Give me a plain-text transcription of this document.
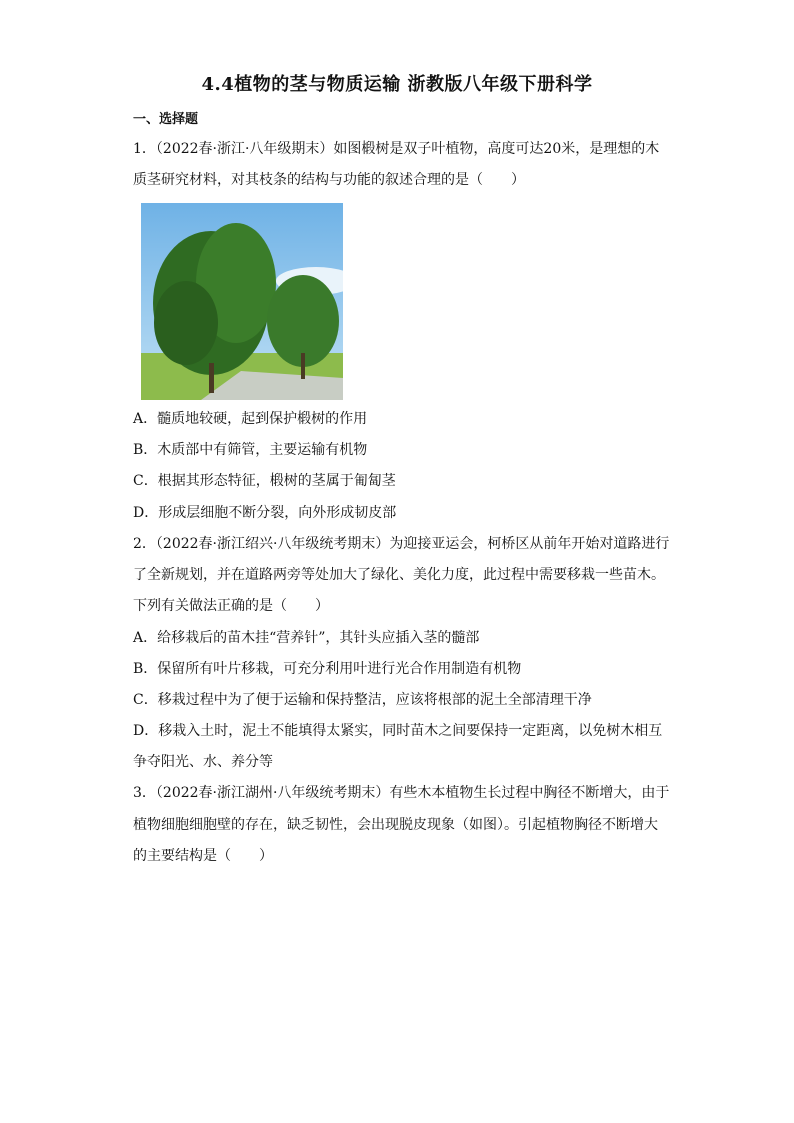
4.4植物的茎与物质运输 浙教版八年级下册科学
一、选择题
1．（2022春·浙江·八年级期末）如图椴树是双子叶植物，高度可达20米，是理想的木
质茎研究材料，对其枝条的结构与功能的叙述合理的是（　　）
A．髓质地较硬，起到保护椴树的作用
B．木质部中有筛管，主要运输有机物
C．根据其形态特征，椴树的茎属于匍匐茎
D．形成层细胞不断分裂，向外形成韧皮部
2．（2022春·浙江绍兴·八年级统考期末）为迎接亚运会，柯桥区从前年开始对道路进行
了全新规划，并在道路两旁等处加大了绿化、美化力度，此过程中需要移栽一些苗木。
下列有关做法正确的是（　　）
A．给移栽后的苗木挂“营养针”，其针头应插入茎的髓部
B．保留所有叶片移栽，可充分利用叶进行光合作用制造有机物
C．移栽过程中为了便于运输和保持整洁，应该将根部的泥土全部清理干净
D．移栽入土时，泥土不能填得太紧实，同时苗木之间要保持一定距离，以免树木相互
争夺阳光、水、养分等
3．（2022春·浙江湖州·八年级统考期末）有些木本植物生长过程中胸径不断增大，由于
植物细胞细胞壁的存在，缺乏韧性，会出现脱皮现象（如图）。引起植物胸径不断增大
的主要结构是（　　）
